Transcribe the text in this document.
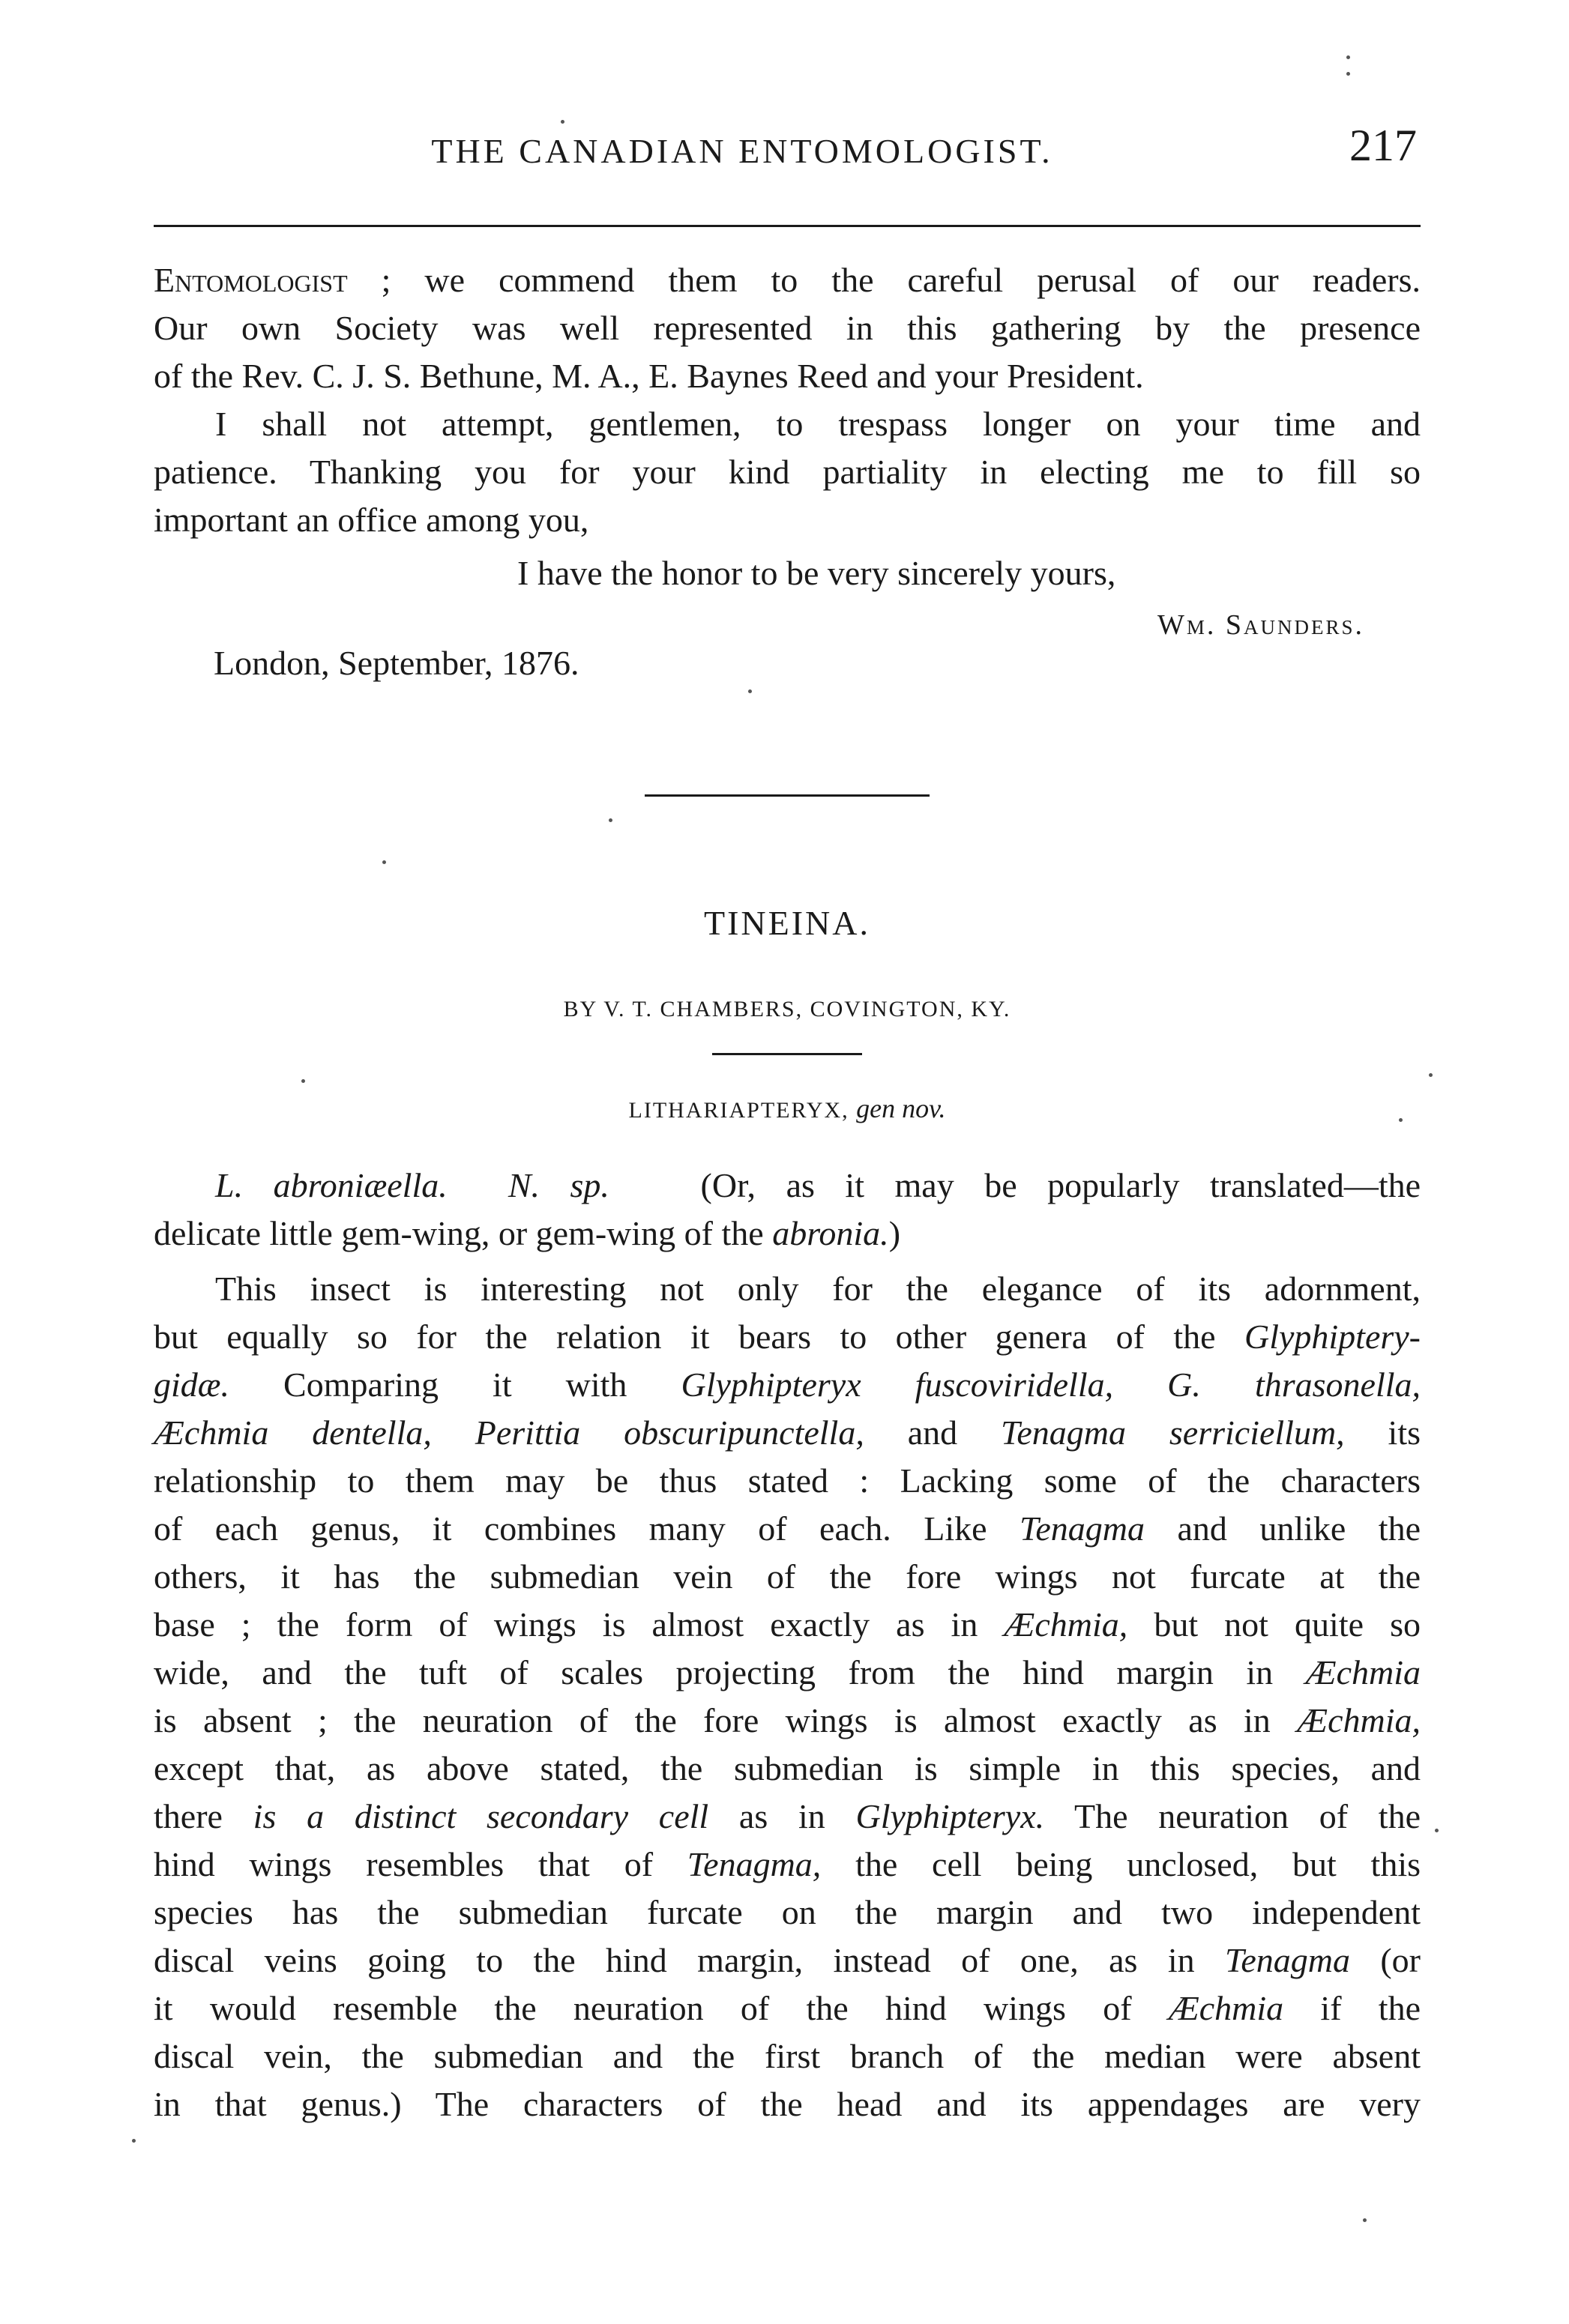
THE CANADIAN ENTOMOLOGIST.	217
Entomologist ; we commend them to the careful perusal of our readers.
Our own Society was well represented in this gathering by the presence
of the Rev. C. J. S. Bethune, M. A., E. Baynes Reed and your President.
I shall not attempt, gentlemen, to trespass longer on your time and
patience. Thanking you for your kind partiality in electing me to fill so
important an office among you,
I have the honor to be very sincerely yours,
Wm. Saunders.
London, September, 1876.
TINEINA.
BY V. T. CHAMBERS, COVINGTON, KY.
LITHARIAPTERYX, gen nov.
L. abroniæella. N. sp.	(Or, as it may be popularly translated—the
delicate little gem-wing, or gem-wing of the abronia.)
This insect is interesting not only for the elegance of its adornment,
but equally so for the relation it bears to other genera of the Glyphiptery-
gidæ. Comparing it with Glyphipteryx fuscoviridella, G. thrasonella,
Æchmia dentella, Perittia obscuripunctella, and Tenagma serriciellum, its
relationship to them may be thus stated : Lacking some of the characters
of each genus, it combines many of each. Like Tenagma and unlike the
others, it has the submedian vein of the fore wings not furcate at the
base ; the form of wings is almost exactly as in Æchmia, but not quite so
wide, and the tuft of scales projecting from the hind margin in Æchmia
is absent ; the neuration of the fore wings is almost exactly as in Æchmia,
except that, as above stated, the submedian is simple in this species, and
there is a distinct secondary cell as in Glyphipteryx. The neuration of the
hind wings resembles that of Tenagma, the cell being unclosed, but this
species has the submedian furcate on the margin and two independent
discal veins going to the hind margin, instead of one, as in Tenagma (or
it would resemble the neuration of the hind wings of Æchmia if the
discal vein, the submedian and the first branch of the median were absent
in that genus.) The characters of the head and its appendages are very
